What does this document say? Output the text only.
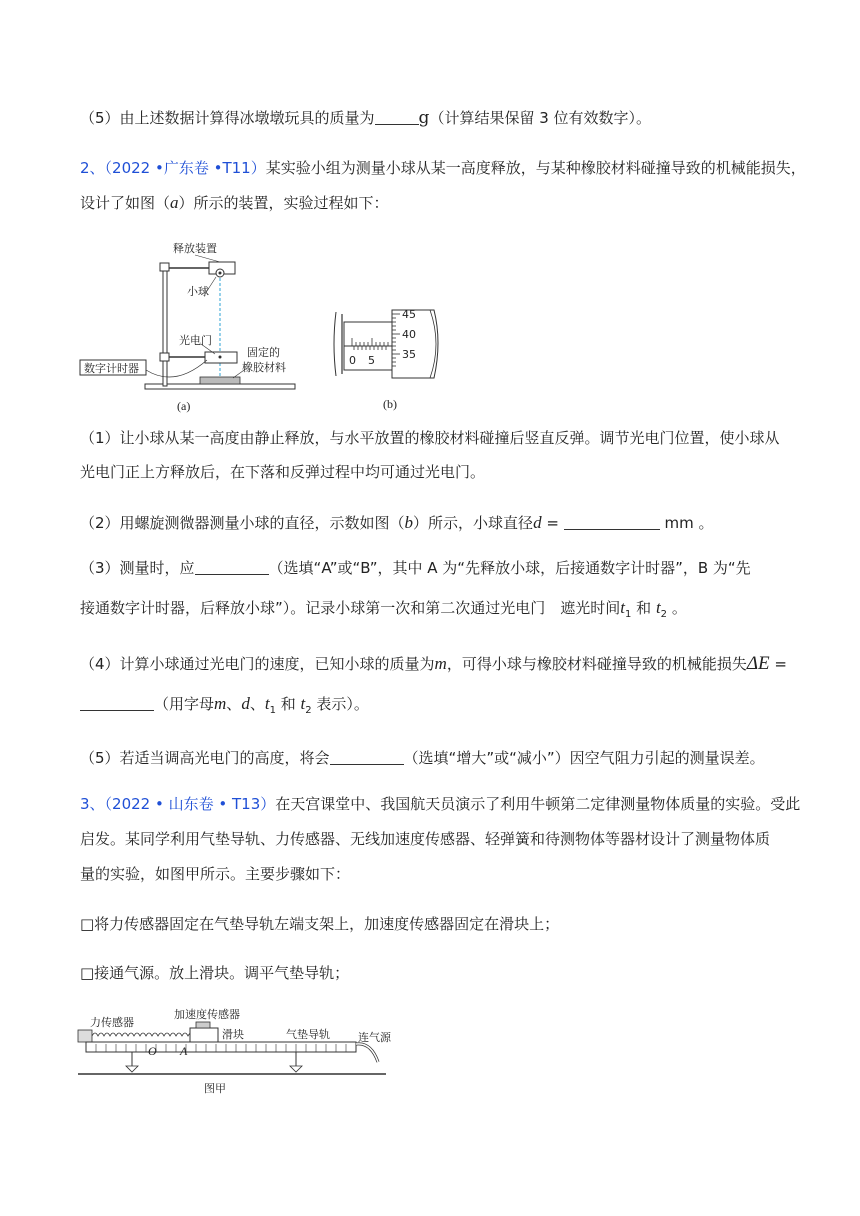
（5）由上述数据计算得冰墩墩玩具的质量为	g（计算结果保留 3 位有效数字）。
2、（2022 •广东卷 •T11）某实验小组为测量小球从某一高度释放，与某种橡胶材料碰撞导致的机械能损失，
设计了如图（a）所示的装置，实验过程如下：
释放装置
小球
光电门
数字计时器
固定的
橡胶材料
(a)
45
40
35
0 5
(b)
（1）让小球从某一高度由静止释放，与水平放置的橡胶材料碰撞后竖直反弹。调节光电门位置，使小球从
光电门正上方释放后，在下落和反弹过程中均可通过光电门。
（2）用螺旋测微器测量小球的直径，示数如图（b）所示，小球直径d =	mm 。
（3）测量时，应	（选填“A”或“B”，其中 A 为“先释放小球，后接通数字计时器”，B 为“先
接通数字计时器，后释放小球”）。记录小球第一次和第二次通过光电门　遮光时间$t_1$ 和 $t_2$ 。
（4）计算小球通过光电门的速度，已知小球的质量为m，可得小球与橡胶材料碰撞导致的机械能损失ΔE =
（用字母m、d、$t_1$ 和 $t_2$ 表示）。
（5）若适当调高光电门的高度，将会	（选填“增大”或“减小”）因空气阻力引起的测量误差。
3、（2022 • 山东卷 • T13）在天宫课堂中、我国航天员演示了利用牛顿第二定律测量物体质量的实验。受此
启发。某同学利用气垫导轨、力传感器、无线加速度传感器、轻弹簧和待测物体等器材设计了测量物体质
量的实验，如图甲所示。主要步骤如下：
□将力传感器固定在气垫导轨左端支架上，加速度传感器固定在滑块上；
□接通气源。放上滑块。调平气垫导轨；
力传感器
加速度传感器
滑块	气垫导轨	连气源
O A
图甲
